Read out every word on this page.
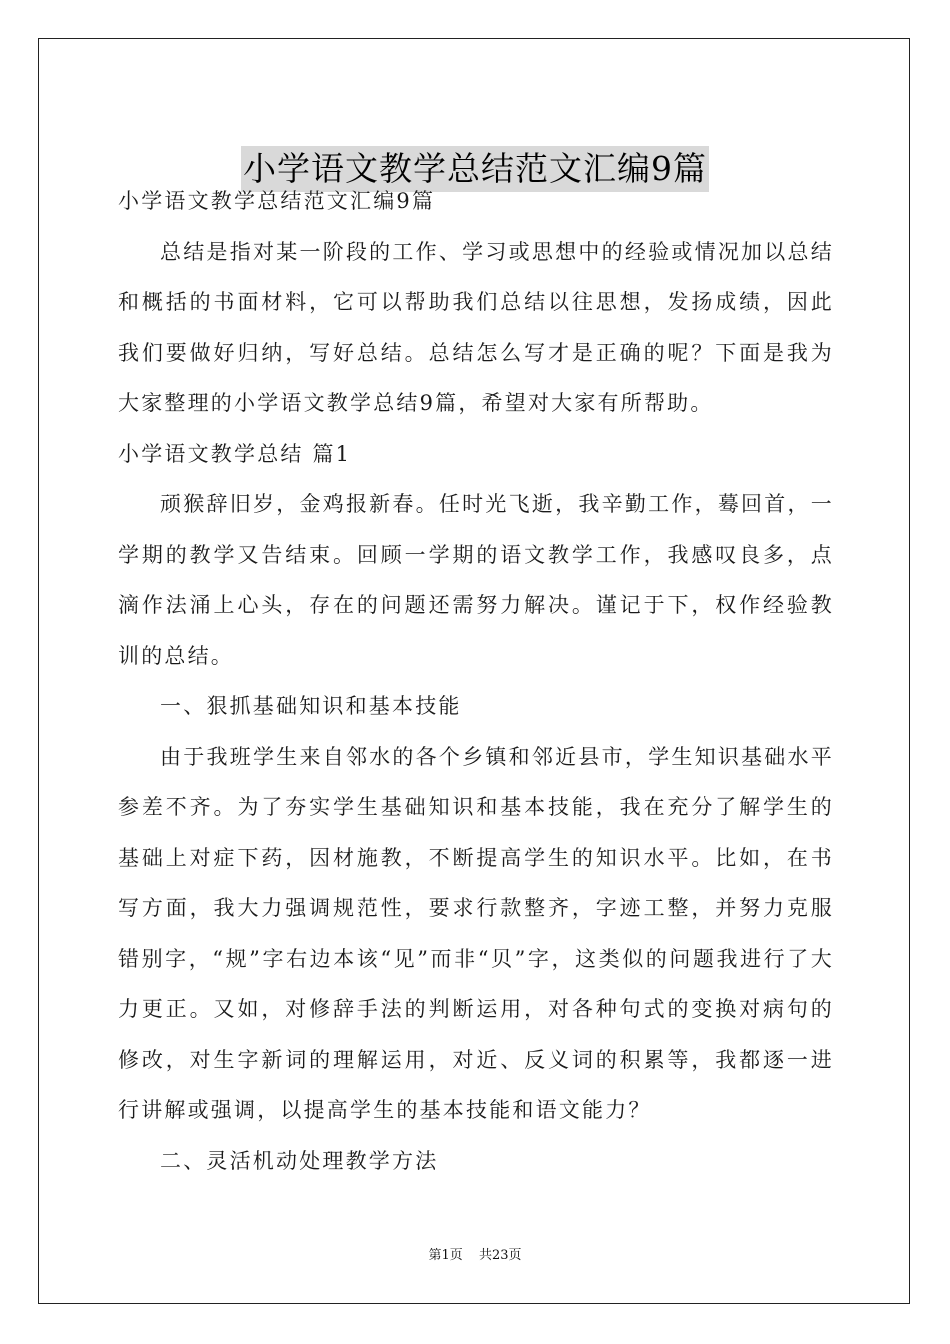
小学语文教学总结范文汇编9篇

小学语文教学总结范文汇编9篇

总结是指对某一阶段的工作、学习或思想中的经验或情况加以总结和概括的书面材料，它可以帮助我们总结以往思想，发扬成绩，因此我们要做好归纳，写好总结。总结怎么写才是正确的呢？下面是我为大家整理的小学语文教学总结9篇，希望对大家有所帮助。

小学语文教学总结 篇1

顽猴辞旧岁，金鸡报新春。任时光飞逝，我辛勤工作，蓦回首，一学期的教学又告结束。回顾一学期的语文教学工作，我感叹良多，点滴作法涌上心头，存在的问题还需努力解决。谨记于下，权作经验教训的总结。

一、狠抓基础知识和基本技能

由于我班学生来自邻水的各个乡镇和邻近县市，学生知识基础水平参差不齐。为了夯实学生基础知识和基本技能，我在充分了解学生的基础上对症下药，因材施教，不断提高学生的知识水平。比如，在书写方面，我大力强调规范性，要求行款整齐，字迹工整，并努力克服错别字，“规”字右边本该“见”而非“贝”字，这类似的问题我进行了大力更正。又如，对修辞手法的判断运用，对各种句式的变换对病句的修改，对生字新词的理解运用，对近、反义词的积累等，我都逐一进行讲解或强调，以提高学生的基本技能和语文能力？

二、灵活机动处理教学方法

第1页 共23页
